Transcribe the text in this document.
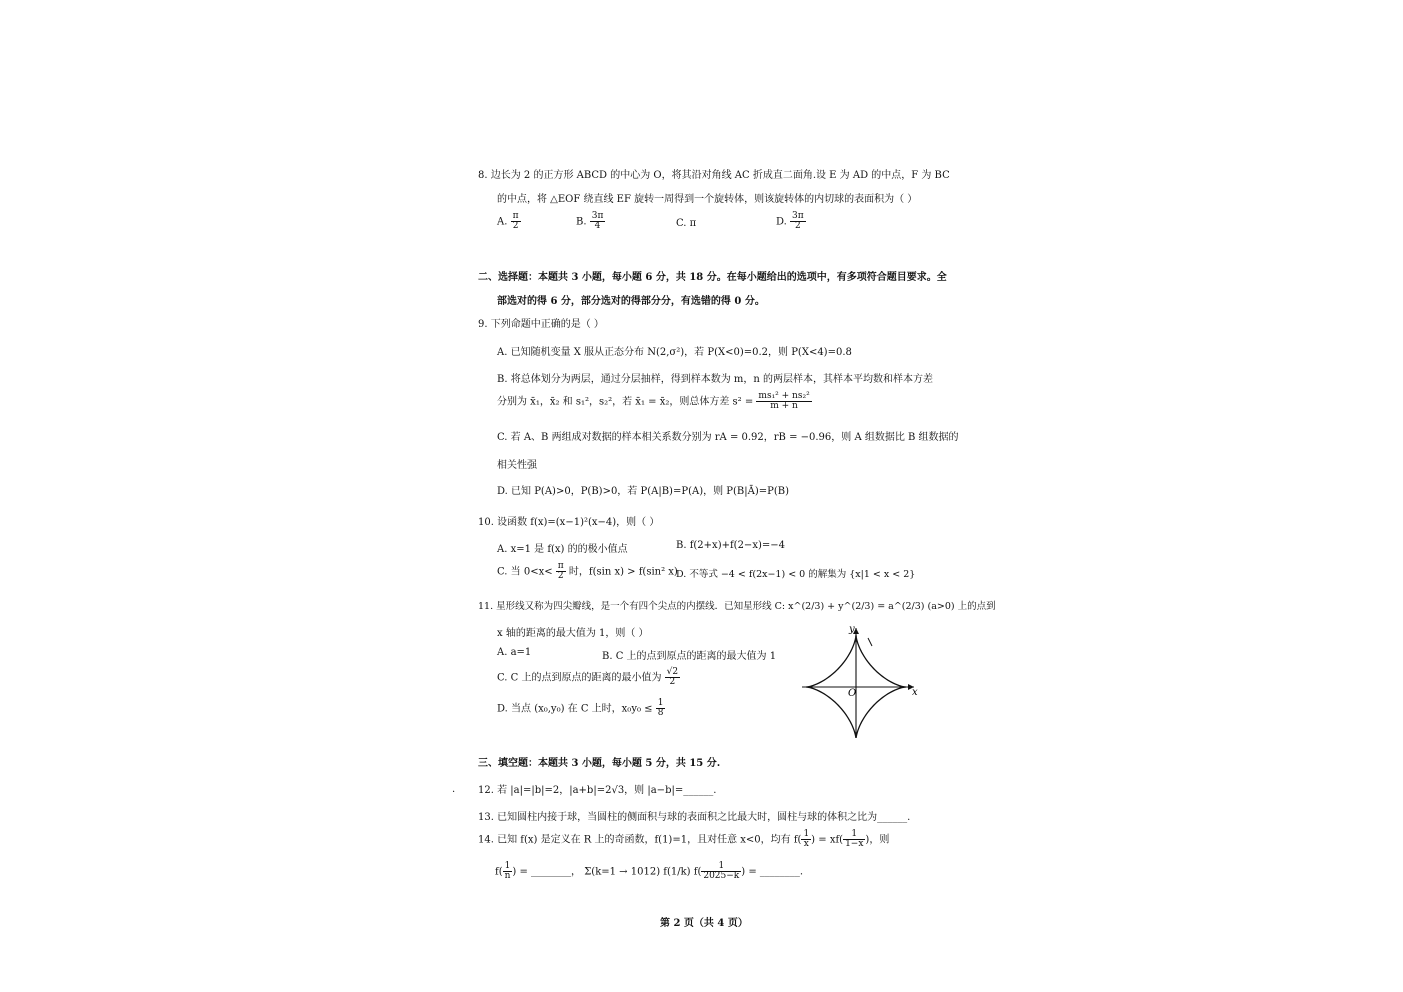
8. 边长为 2 的正方形 ABCD 的中心为 O，将其沿对角线 AC 折成直二面角.设 E 为 AD 的中点，F 为 BC
的中点，将 △EOF 绕直线 EF 旋转一周得到一个旋转体，则该旋转体的内切球的表面积为（ ）
A. $\frac{\pi}{2}$	B. $\frac{3\pi}{4}$	C. π	D. $\frac{3\pi}{2}$
二、选择题：本题共 3 小题，每小题 6 分，共 18 分。在每小题给出的选项中，有多项符合题目要求。全
部选对的得 6 分，部分选对的得部分分，有选错的得 0 分。
9. 下列命题中正确的是（ ）
A. 已知随机变量 X 服从正态分布 N(2,σ²)，若 P(X<0)=0.2，则 P(X<4)=0.8
B. 将总体划分为两层，通过分层抽样，得到样本数为 m，n 的两层样本，其样本平均数和样本方差
分别为 x̄₁，x̄₂ 和 s₁²，s₂²，若 x̄₁ = x̄₂，则总体方差 $s^2 = \frac{\text{ms₁² + ns₂²}}{m + n}$
C. 若 A、B 两组成对数据的样本相关系数分别为 rA = 0.92，rB = −0.96，则 A 组数据比 B 组数据的
相关性强
D. 已知 P(A)>0，P(B)>0，若 P(A|B)=P(A)，则 P(B|Ā)=P(B)
10. 设函数 f(x)=(x−1)²(x−4)，则（ ）
A. x=1 是 f(x) 的的极小值点	B. f(2+x)+f(2−x)=−4
C. 当 $0<x< \frac{\pi}{2}$ 时，f(sin x) > f(sin² x)
D. 不等式 −4 < f(2x−1) < 0 的解集为 {x|1 < x < 2}
11. 星形线又称为四尖瓣线，是一个有四个尖点的内摆线．已知星形线 C: x^(2/3) + y^(2/3) = a^(2/3) (a>0) 上的点到
x 轴的距离的最大值为 1，则（ ）
A. a=1	B. C 上的点到原点的距离的最大值为 1
C. C 上的点到原点的距离的最小值为 $\frac{√2}{2}$
D. 当点 (x₀,y₀) 在 C 上时，$x_0y_0 \le \frac{1}{8}$
y
x
O
三、填空题：本题共 3 小题，每小题 5 分，共 15 分.
. 12. 若 |a|=|b|=2，|a+b|=2√3，则 |a−b|=______.
13. 已知圆柱内接于球，当圆柱的侧面积与球的表面积之比最大时，圆柱与球的体积之比为______.
14. 已知 f(x) 是定义在 R 上的奇函数，f(1)=1，且对任意 x<0，均有 $f( \frac{1}{x}$ ) = $xf( \frac{1}{1-x}$ )，则
$f( \frac{1}{n}$ ) = ________， Σ(k=1 → 1012) f(1/k) $f( \frac{1}{2025-k}$ ) = ________.
第 2 页（共 4 页）
